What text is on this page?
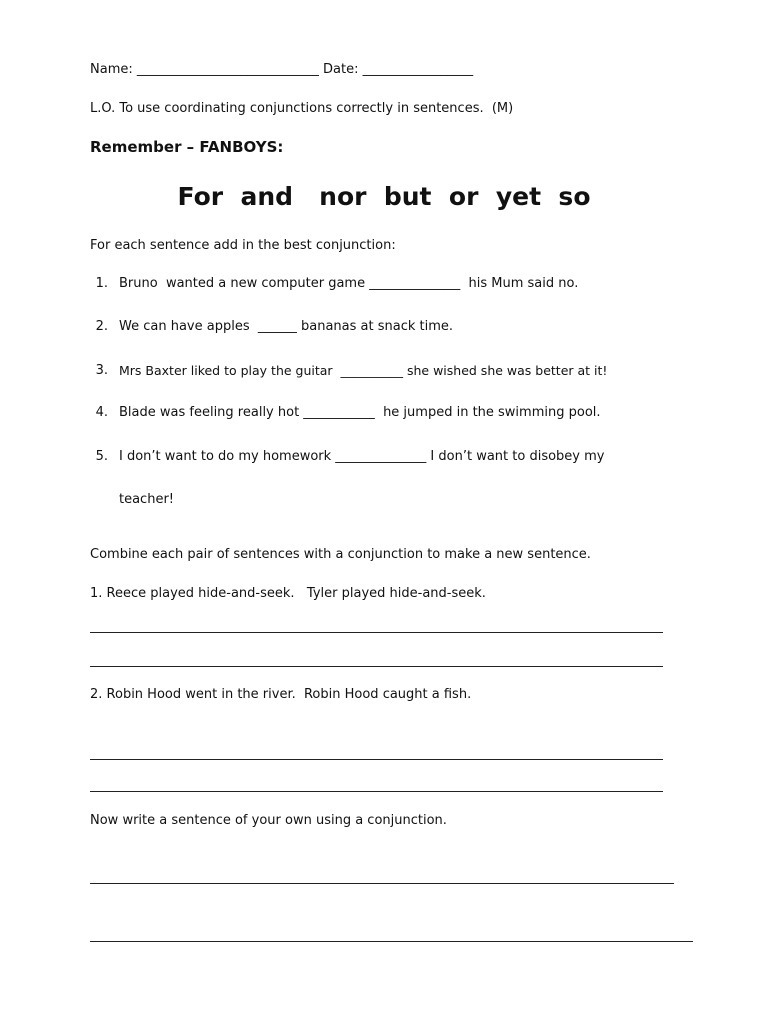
Name: ____________________________ Date: _________________
L.O. To use coordinating conjunctions correctly in sentences.  (M)
Remember – FANBOYS:
For  and   nor  but  or  yet  so
For each sentence add in the best conjunction:
1. Bruno  wanted a new computer game ______________  his Mum said no.
2. We can have apples  ______ bananas at snack time.
3. Mrs Baxter liked to play the guitar  __________ she wished she was better at it!
4. Blade was feeling really hot ___________  he jumped in the swimming pool.
5. I don’t want to do my homework ______________ I don’t want to disobey my
teacher!
Combine each pair of sentences with a conjunction to make a new sentence.
1. Reece played hide-and-seek.   Tyler played hide-and-seek.
2. Robin Hood went in the river.  Robin Hood caught a fish.
Now write a sentence of your own using a conjunction.
